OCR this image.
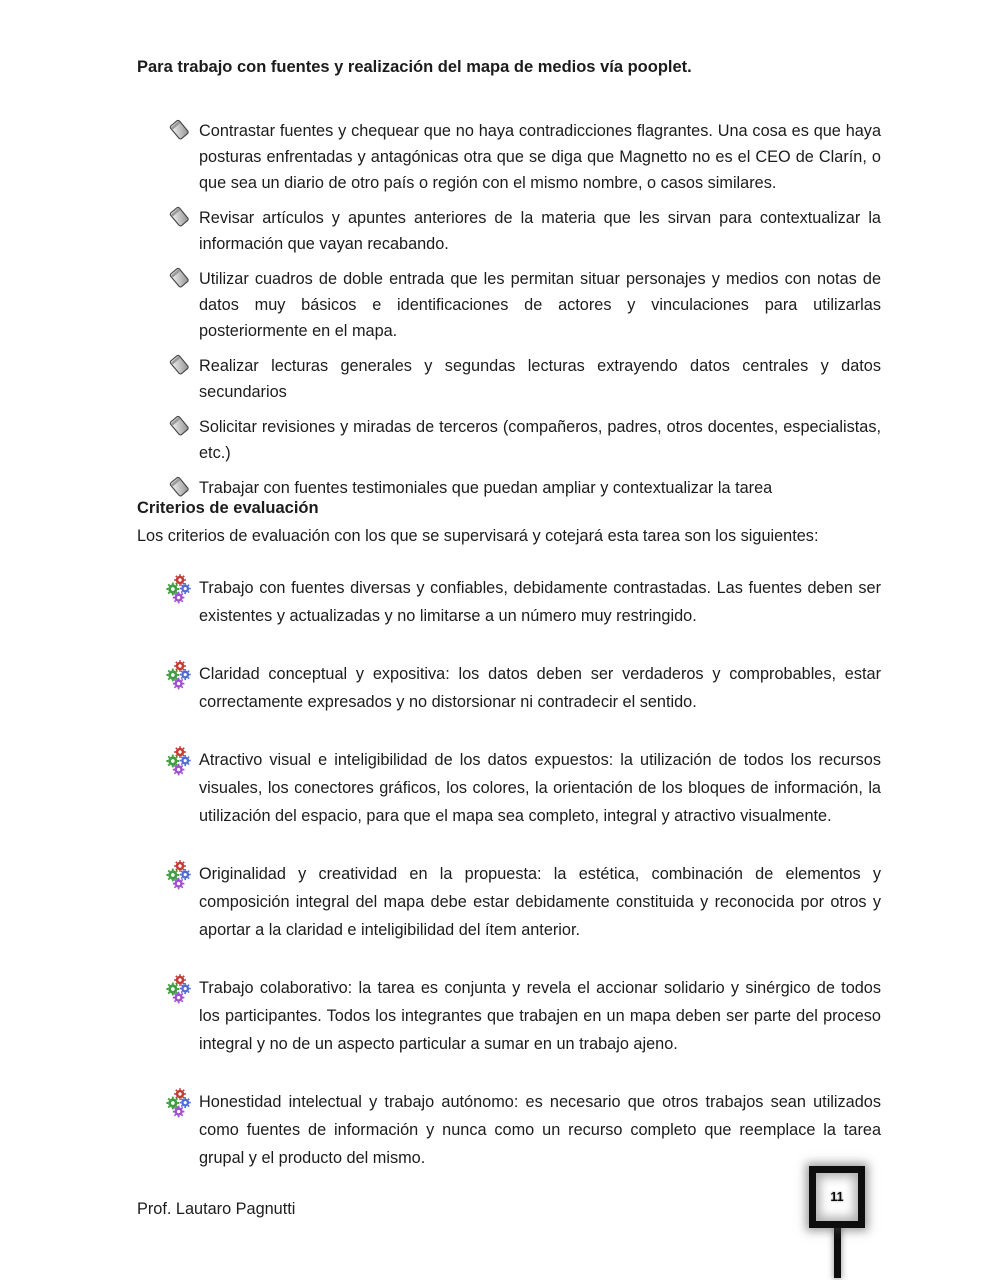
Para trabajo con fuentes y realización del mapa de medios vía pooplet.
Contrastar fuentes y chequear que no haya contradicciones flagrantes. Una cosa es que haya posturas enfrentadas y antagónicas otra que se diga que Magnetto no es el CEO de Clarín, o que sea un diario de otro país o región con el mismo nombre, o casos similares.
Revisar artículos y apuntes anteriores de la materia que les sirvan para contextualizar la información que vayan recabando.
Utilizar cuadros de doble entrada que les permitan situar personajes y medios con notas de datos muy básicos e identificaciones de actores y vinculaciones para utilizarlas posteriormente en el mapa.
Realizar lecturas generales y segundas lecturas extrayendo datos centrales y datos secundarios
Solicitar revisiones y miradas de terceros (compañeros, padres, otros docentes, especialistas, etc.)
Trabajar con fuentes testimoniales que puedan ampliar y contextualizar la tarea
Criterios de evaluación
Los criterios de evaluación con los que se supervisará y cotejará esta tarea son los siguientes:
Trabajo con fuentes diversas y confiables, debidamente contrastadas. Las fuentes deben ser existentes y actualizadas y no limitarse a un número muy restringido.
Claridad conceptual y expositiva: los datos deben ser verdaderos y comprobables, estar correctamente expresados y no distorsionar ni contradecir el sentido.
Atractivo visual e inteligibilidad de los datos expuestos: la utilización de todos los recursos visuales, los conectores gráficos, los colores, la orientación de los bloques de información, la utilización del espacio, para que el mapa sea completo, integral y atractivo visualmente.
Originalidad y creatividad en la propuesta: la estética, combinación de elementos y composición integral del mapa debe estar debidamente constituida y reconocida por otros y aportar a la claridad e inteligibilidad del ítem anterior.
Trabajo colaborativo: la tarea es conjunta y revela el accionar solidario y sinérgico de todos los participantes. Todos los integrantes que trabajen en un mapa deben ser parte del proceso integral y no de un aspecto particular a sumar en un trabajo ajeno.
Honestidad intelectual y trabajo autónomo: es necesario que otros trabajos sean utilizados como fuentes de información y nunca como un recurso completo que reemplace la tarea grupal y el producto del mismo.
Prof. Lautaro Pagnutti
11
